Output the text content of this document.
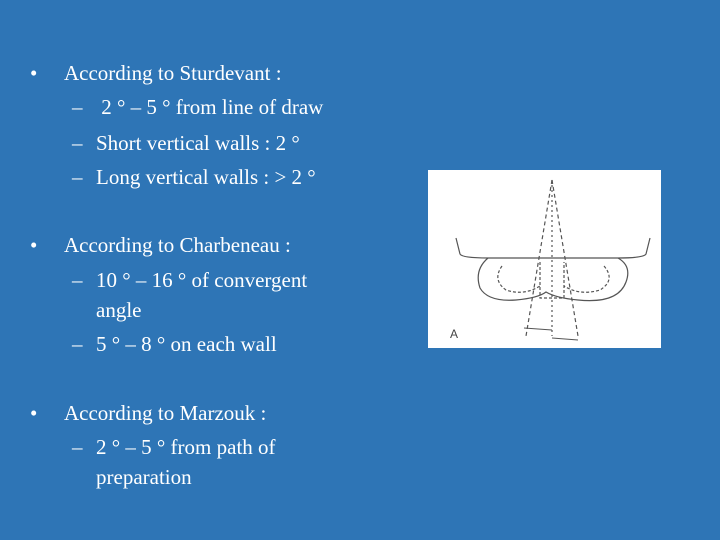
•	According to Sturdevant :
– 2 ° – 5 ° from line of draw
– Short vertical walls : 2 °
– Long vertical walls : > 2 °
•	According to Charbeneau :
– 10 ° – 16 ° of convergent
angle
– 5 ° – 8 ° on each wall
•	According to Marzouk :
– 2 ° – 5 ° from path of
preparation
A
